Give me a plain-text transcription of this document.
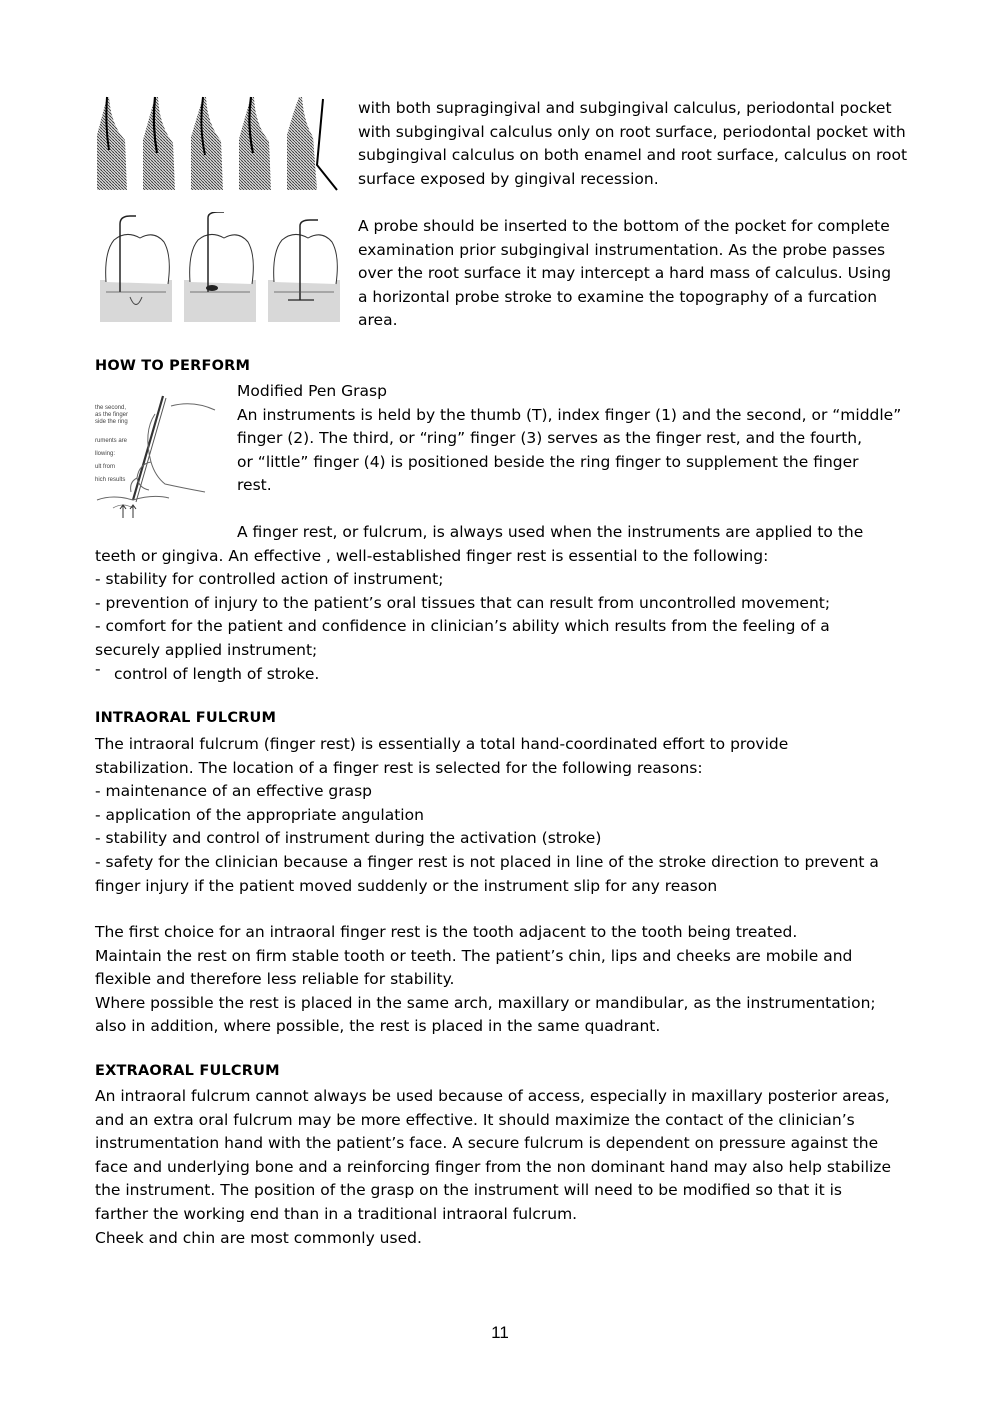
with both supragingival and subgingival calculus, periodontal pocket

with subgingival calculus only on root surface, periodontal pocket with

subgingival calculus on both enamel and root surface, calculus on root

surface exposed by gingival recession.

A probe should be inserted to the bottom of the pocket for complete

examination prior subgingival instrumentation. As the probe passes

over the root surface it may intercept a hard mass of calculus. Using

a horizontal probe stroke to examine the topography of a furcation

area.

HOW TO PERFORM
the second,
as the finger
side the ring
ruments are
llowing:
ult from
hich results

Modified Pen Grasp

An instruments is held by the thumb (T), index finger (1) and the second, or “middle”

finger (2). The third, or “ring” finger (3) serves as the finger rest, and the fourth,

or “little” finger (4) is positioned beside the ring finger to supplement the finger

rest.

A finger rest, or fulcrum, is always used when the instruments are applied to the

teeth or gingiva. An effective , well-established finger rest is essential to the following:

- stability for controlled action of instrument;

- prevention of injury to the patient’s oral tissues that can result from uncontrolled movement;

- comfort for the patient and confidence in clinician’s ability which results from the feeling of a

securely applied instrument;

- control of length of stroke.

INTRAORAL FULCRUM

The intraoral fulcrum (finger rest) is essentially a total hand-coordinated effort to provide

stabilization. The location of a finger rest is selected for the following reasons:

- maintenance of an effective grasp

- application of the appropriate angulation

- stability and control of instrument during the activation (stroke)

- safety for the clinician because a finger rest is not placed in line of the stroke direction to prevent a

finger injury if the patient moved suddenly or the instrument slip for any reason

The first choice for an intraoral finger rest is the tooth adjacent to the tooth being treated.

Maintain the rest on firm stable tooth or teeth. The patient’s chin, lips and cheeks are mobile and

flexible and therefore less reliable for stability.

Where possible the rest is placed in the same arch, maxillary or mandibular, as the instrumentation;

also in addition, where possible, the rest is placed in the same quadrant.

EXTRAORAL FULCRUM

An intraoral fulcrum cannot always be used because of access, especially in maxillary posterior areas,

and an extra oral fulcrum may be more effective. It should maximize the contact of the clinician’s

instrumentation hand with the patient’s face. A secure fulcrum is dependent on pressure against the

face and underlying bone and a reinforcing finger from the non dominant hand may also help stabilize

the instrument. The position of the grasp on the instrument will need to be modified so that it is

farther the working end than in a traditional intraoral fulcrum.

Cheek and chin are most commonly used.

11
